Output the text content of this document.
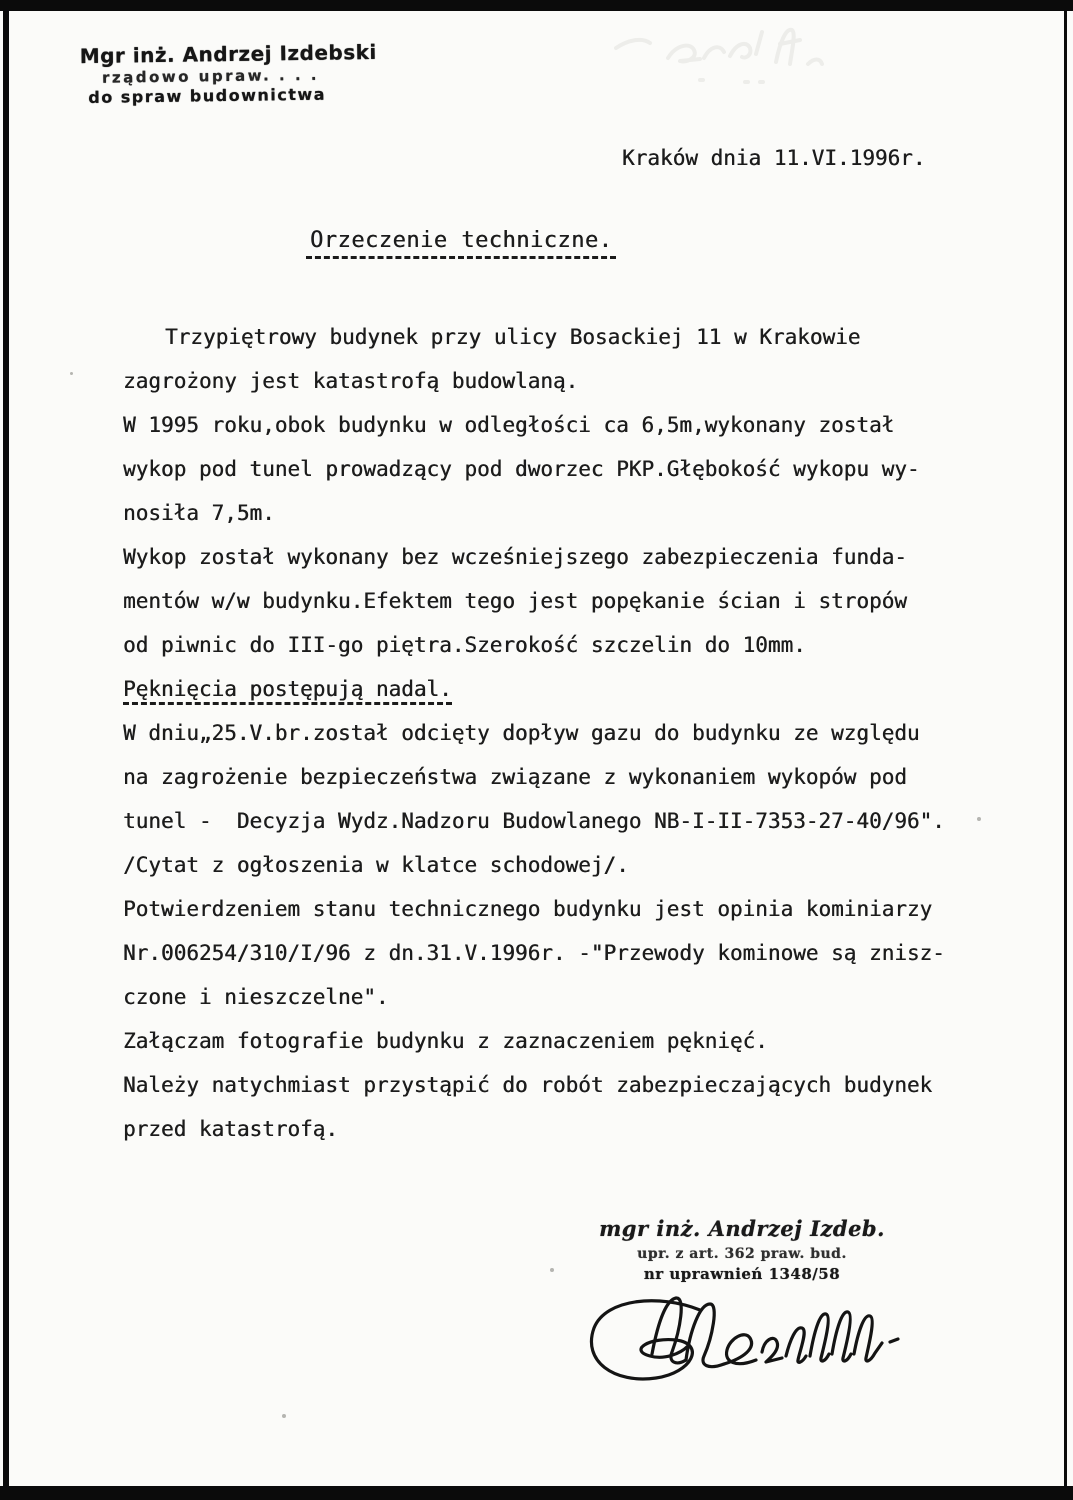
Mgr inż. Andrzej Izdebski
rządowo upraw. . . .
do spraw budownictwa
Kraków dnia 11.VI.1996r.
Orzeczenie techniczne.
Trzypiętrowy budynek przy ulicy Bosackiej 11 w Krakowie
zagrożony jest katastrofą budowlaną.
W 1995 roku,obok budynku w odległości ca 6,5m,wykonany został
wykop pod tunel prowadzący pod dworzec PKP.Głębokość wykopu wy-
nosiła 7,5m.
Wykop został wykonany bez wcześniejszego zabezpieczenia funda-
mentów w/w budynku.Efektem tego jest popękanie ścian i stropów
od piwnic do III-go piętra.Szerokość szczelin do 10mm.
Pęknięcia postępują nadal.
W dniu„25.V.br.został odcięty dopływ gazu do budynku ze względu
na zagrożenie bezpieczeństwa związane z wykonaniem wykopów pod
tunel -  Decyzja Wydz.Nadzoru Budowlanego NB-I-II-7353-27-40/96".
/Cytat z ogłoszenia w klatce schodowej/.
Potwierdzeniem stanu technicznego budynku jest opinia kominiarzy
Nr.006254/310/I/96 z dn.31.V.1996r. -"Przewody kominowe są znisz-
czone i nieszczelne".
Załączam fotografie budynku z zaznaczeniem pęknięć.
Należy natychmiast przystąpić do robót zabezpieczających budynek
przed katastrofą.
mgr inż. Andrzej Izdeb.
upr. z art. 362 praw. bud.
nr uprawnień 1348/58
